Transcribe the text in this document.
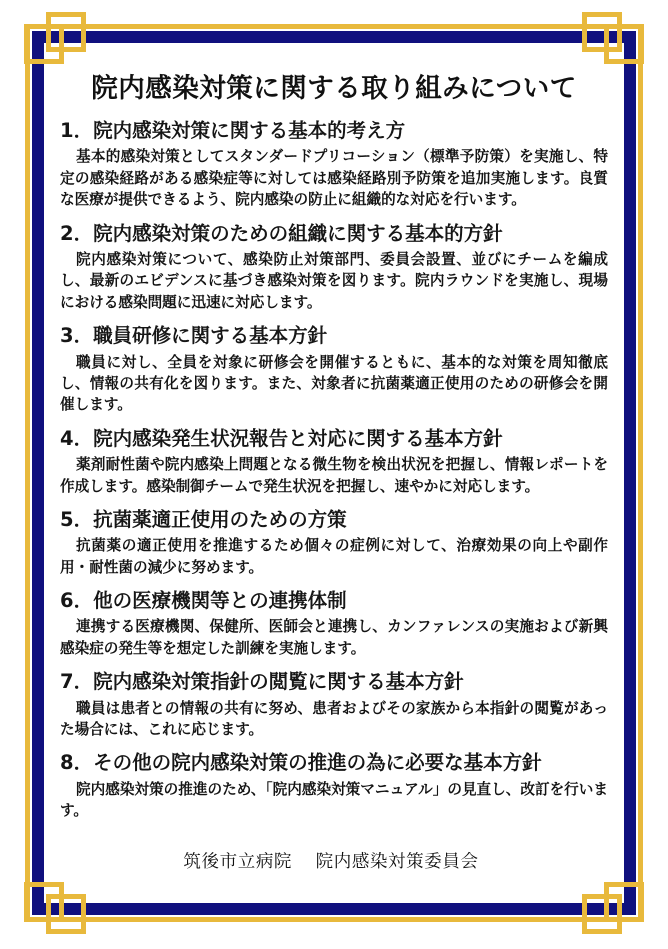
院内感染対策に関する取り組みについて
1．院内感染対策に関する基本的考え方

基本的感染対策としてスタンダードプリコーション（標準予防策）を実施し、特定の感染経路がある感染症等に対しては感染経路別予防策を追加実施します。良質な医療が提供できるよう、院内感染の防止に組織的な対応を行います。

2．院内感染対策のための組織に関する基本的方針

院内感染対策について、感染防止対策部門、委員会設置、並びにチームを編成し、最新のエビデンスに基づき感染対策を図ります。院内ラウンドを実施し、現場における感染問題に迅速に対応します。

3．職員研修に関する基本方針

職員に対し、全員を対象に研修会を開催するともに、基本的な対策を周知徹底し、情報の共有化を図ります。また、対象者に抗菌薬適正使用のための研修会を開催します。

4．院内感染発生状況報告と対応に関する基本方針

薬剤耐性菌や院内感染上問題となる微生物を検出状況を把握し、情報レポートを作成します。感染制御チームで発生状況を把握し、速やかに対応します。

5．抗菌薬適正使用のための方策

抗菌薬の適正使用を推進するため個々の症例に対して、治療効果の向上や副作用・耐性菌の減少に努めます。

6．他の医療機関等との連携体制

連携する医療機関、保健所、医師会と連携し、カンファレンスの実施および新興感染症の発生等を想定した訓練を実施します。

7．院内感染対策指針の閲覧に関する基本方針

職員は患者との情報の共有に努め、患者およびその家族から本指針の閲覧があった場合には、これに応じます。

8．その他の院内感染対策の推進の為に必要な基本方針

院内感染対策の推進のため、「院内感染対策マニュアル」の見直し、改訂を行います。

筑後市立病院 院内感染対策委員会
